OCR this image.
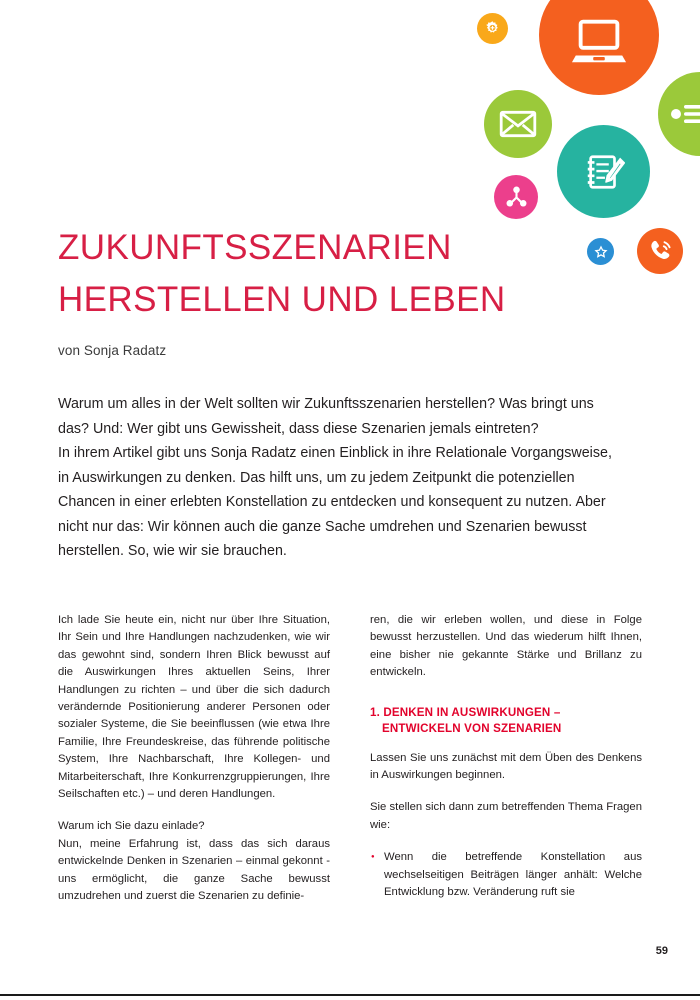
ZUKUNFTSSZENARIEN
HERSTELLEN UND LEBEN
von Sonja Radatz

Warum um alles in der Welt sollten wir Zukunftsszenarien herstellen? Was bringt uns das? Und: Wer gibt uns Gewissheit, dass diese Szenarien jemals eintreten?

In ihrem Artikel gibt uns Sonja Radatz einen Einblick in ihre Relationale Vorgangsweise, in Auswirkungen zu denken. Das hilft uns, um zu jedem Zeitpunkt die potenziellen Chancen in einer erlebten Konstellation zu entdecken und konsequent zu nutzen. Aber nicht nur das: Wir können auch die ganze Sache umdrehen und Szenarien bewusst herstellen. So, wie wir sie brauchen.

Ich lade Sie heute ein, nicht nur über Ihre Situation, Ihr Sein und Ihre Handlungen nachzudenken, wie wir das gewohnt sind, sondern Ihren Blick bewusst auf die Auswirkungen Ihres aktuellen Seins, Ihrer Handlungen zu richten – und über die sich dadurch verändernde Positionierung anderer Personen oder sozialer Systeme, die Sie beeinflussen (wie etwa Ihre Familie, Ihre Freundeskreise, das führende politische System, Ihre Nachbarschaft, Ihre Kollegen- und Mitarbeiterschaft, Ihre Konkurrenzgruppierungen, Ihre Seilschaften etc.) – und deren Handlungen.

Warum ich Sie dazu einlade?

Nun, meine Erfahrung ist, dass das sich daraus entwickelnde Denken in Szenarien – einmal gekonnt - uns ermöglicht, die ganze Sache bewusst umzudrehen und zuerst die Szenarien zu definie-

ren, die wir erleben wollen, und diese in Folge bewusst herzustellen. Und das wiederum hilft Ihnen, eine bisher nie gekannte Stärke und Brillanz zu entwickeln.

1. DENKEN IN AUSWIRKUNGEN – ENTWICKELN VON SZENARIEN

Lassen Sie uns zunächst mit dem Üben des Denkens in Auswirkungen beginnen.

Sie stellen sich dann zum betreffenden Thema Fragen wie:

● Wenn die betreffende Konstellation aus wechselseitigen Beiträgen länger anhält: Welche Entwicklung bzw. Veränderung ruft sie
59
